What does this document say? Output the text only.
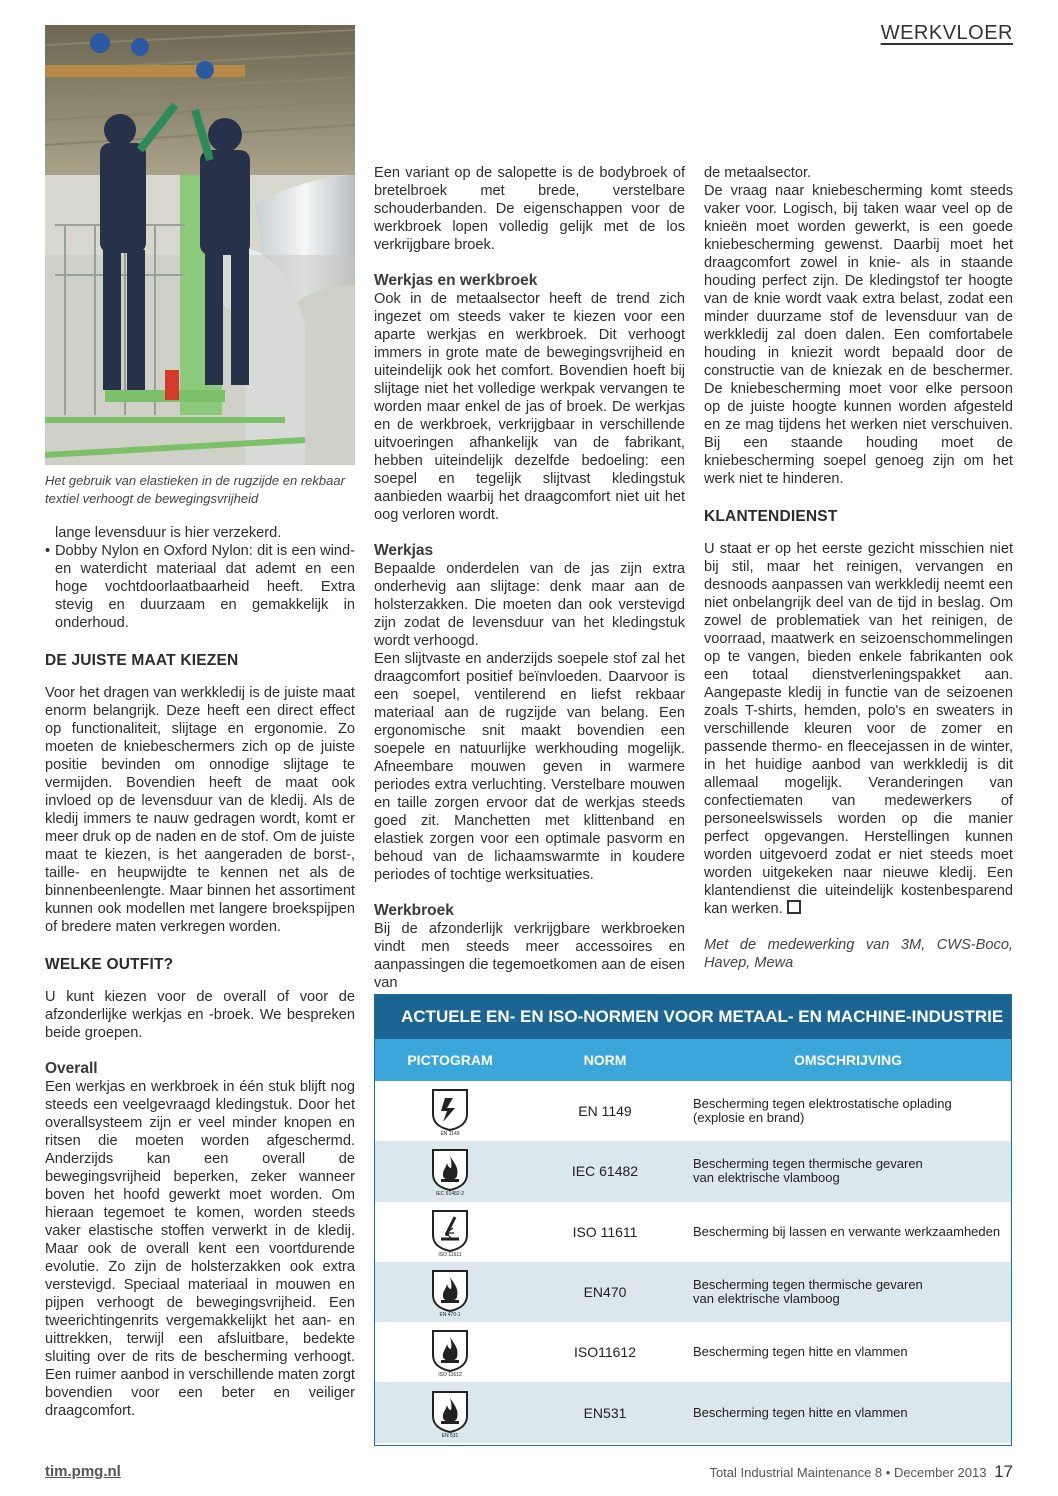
WERKVLOER
Het gebruik van elastieken in de rugzijde en rekbaar textiel verhoogt de bewegingsvrijheid

lange levensduur is hier verzekerd.

• Dobby Nylon en Oxford Nylon: dit is een wind- en waterdicht materiaal dat ademt en een hoge vochtdoorlaatbaarheid heeft. Extra stevig en duurzaam en gemakkelijk in onderhoud.

DE JUISTE MAAT KIEZEN

Voor het dragen van werkkledij is de juiste maat enorm belangrijk. Deze heeft een direct effect op functionaliteit, slijtage en ergonomie. Zo moeten de kniebeschermers zich op de juiste positie bevinden om onnodige slijtage te vermijden. Bovendien heeft de maat ook invloed op de levensduur van de kledij. Als de kledij immers te nauw gedragen wordt, komt er meer druk op de naden en de stof. Om de juiste maat te kiezen, is het aangeraden de borst-, taille- en heupwijdte te kennen net als de binnenbeenlengte. Maar binnen het assortiment kunnen ook modellen met langere broekspijpen of bredere maten verkregen worden.

WELKE OUTFIT?

U kunt kiezen voor de overall of voor de afzonderlijke werkjas en -broek. We bespreken beide groepen.

Overall

Een werkjas en werkbroek in één stuk blijft nog steeds een veelgevraagd kledingstuk. Door het overallsysteem zijn er veel minder knopen en ritsen die moeten worden afgeschermd. Anderzijds kan een overall de bewegingsvrijheid beperken, zeker wanneer boven het hoofd gewerkt moet worden. Om hieraan tegemoet te komen, worden steeds vaker elastische stoffen verwerkt in de kledij. Maar ook de overall kent een voortdurende evolutie. Zo zijn de holsterzakken ook extra verstevigd. Speciaal materiaal in mouwen en pijpen verhoogt de bewegingsvrijheid. Een tweerichtingenrits vergemakkelijkt het aan- en uittrekken, terwijl een afsluitbare, bedekte sluiting over de rits de bescherming verhoogt. Een ruimer aanbod in verschillende maten zorgt bovendien voor een beter en veiliger draagcomfort.

Een variant op de salopette is de bodybroek of bretelbroek met brede, verstelbare schouderbanden. De eigenschappen voor de werkbroek lopen volledig gelijk met de los verkrijgbare broek.

Werkjas en werkbroek

Ook in de metaalsector heeft de trend zich ingezet om steeds vaker te kiezen voor een aparte werkjas en werkbroek. Dit verhoogt immers in grote mate de bewegingsvrijheid en uiteindelijk ook het comfort. Bovendien hoeft bij slijtage niet het volledige werkpak vervangen te worden maar enkel de jas of broek. De werkjas en de werkbroek, verkrijgbaar in verschillende uitvoeringen afhankelijk van de fabrikant, hebben uiteindelijk dezelfde bedoeling: een soepel en tegelijk slijtvast kledingstuk aanbieden waarbij het draagcomfort niet uit het oog verloren wordt.

Werkjas

Bepaalde onderdelen van de jas zijn extra onderhevig aan slijtage: denk maar aan de holsterzakken. Die moeten dan ook verstevigd zijn zodat de levensduur van het kledingstuk wordt verhoogd.

Een slijtvaste en anderzijds soepele stof zal het draagcomfort positief beïnvloeden. Daarvoor is een soepel, ventilerend en liefst rekbaar materiaal aan de rugzijde van belang. Een ergonomische snit maakt bovendien een soepele en natuurlijke werkhouding mogelijk. Afneembare mouwen geven in warmere periodes extra verluchting. Verstelbare mouwen en taille zorgen ervoor dat de werkjas steeds goed zit. Manchetten met klittenband en elastiek zorgen voor een optimale pasvorm en behoud van de lichaamswarmte in koudere periodes of tochtige werksituaties.

Werkbroek

Bij de afzonderlijk verkrijgbare werkbroeken vindt men steeds meer accessoires en aanpassingen die tegemoetkomen aan de eisen van

de metaalsector.

De vraag naar kniebescherming komt steeds vaker voor. Logisch, bij taken waar veel op de knieën moet worden gewerkt, is een goede kniebescherming gewenst. Daarbij moet het draagcomfort zowel in knie- als in staande houding perfect zijn. De kledingstof ter hoogte van de knie wordt vaak extra belast, zodat een minder duurzame stof de levensduur van de werkkledij zal doen dalen. Een comfortabele houding in kniezit wordt bepaald door de constructie van de kniezak en de beschermer. De kniebescherming moet voor elke persoon op de juiste hoogte kunnen worden afgesteld en ze mag tijdens het werken niet verschuiven. Bij een staande houding moet de kniebescherming soepel genoeg zijn om het werk niet te hinderen.

KLANTENDIENST

U staat er op het eerste gezicht misschien niet bij stil, maar het reinigen, vervangen en desnoods aanpassen van werkkledij neemt een niet onbelangrijk deel van de tijd in beslag. Om zowel de problematiek van het reinigen, de voorraad, maatwerk en seizoenschommelingen op te vangen, bieden enkele fabrikanten ook een totaal dienstverleningspakket aan. Aangepaste kledij in functie van de seizoenen zoals T-shirts, hemden, polo's en sweaters in verschillende kleuren voor de zomer en passende thermo- en fleecejassen in de winter, in het huidige aanbod van werkkledij is dit allemaal mogelijk. Veranderingen van confectiematen van medewerkers of personeelswissels worden op die manier perfect opgevangen. Herstellingen kunnen worden uitgevoerd zodat er niet steeds moet worden uitgekeken naar nieuwe kledij. Een klantendienst die uiteindelijk kostenbesparend kan werken.

Met de medewerking van 3M, CWS-Boco, Havep, Mewa

ACTUELE EN- EN ISO-NORMEN VOOR METAAL- EN MACHINE-INDUSTRIE
PICTOGRAM	NORM	OMSCHRIJVING
EN 1149
EN 1149	Bescherming tegen elektrostatische oplading
(explosie en brand)
IEC 61482-2
IEC 61482	Bescherming tegen thermische gevaren
van elektrische vlamboog
ISO 11611
ISO 11611	Bescherming bij lassen en verwante werkzaamheden
EN 470-1
EN470	Bescherming tegen thermische gevaren
van elektrische vlamboog
ISO 11612
ISO11612	Bescherming tegen hitte en vlammen
EN 531
EN531	Bescherming tegen hitte en vlammen
tim.pmg.nl	Total Industrial Maintenance 8 • December 2013 17
